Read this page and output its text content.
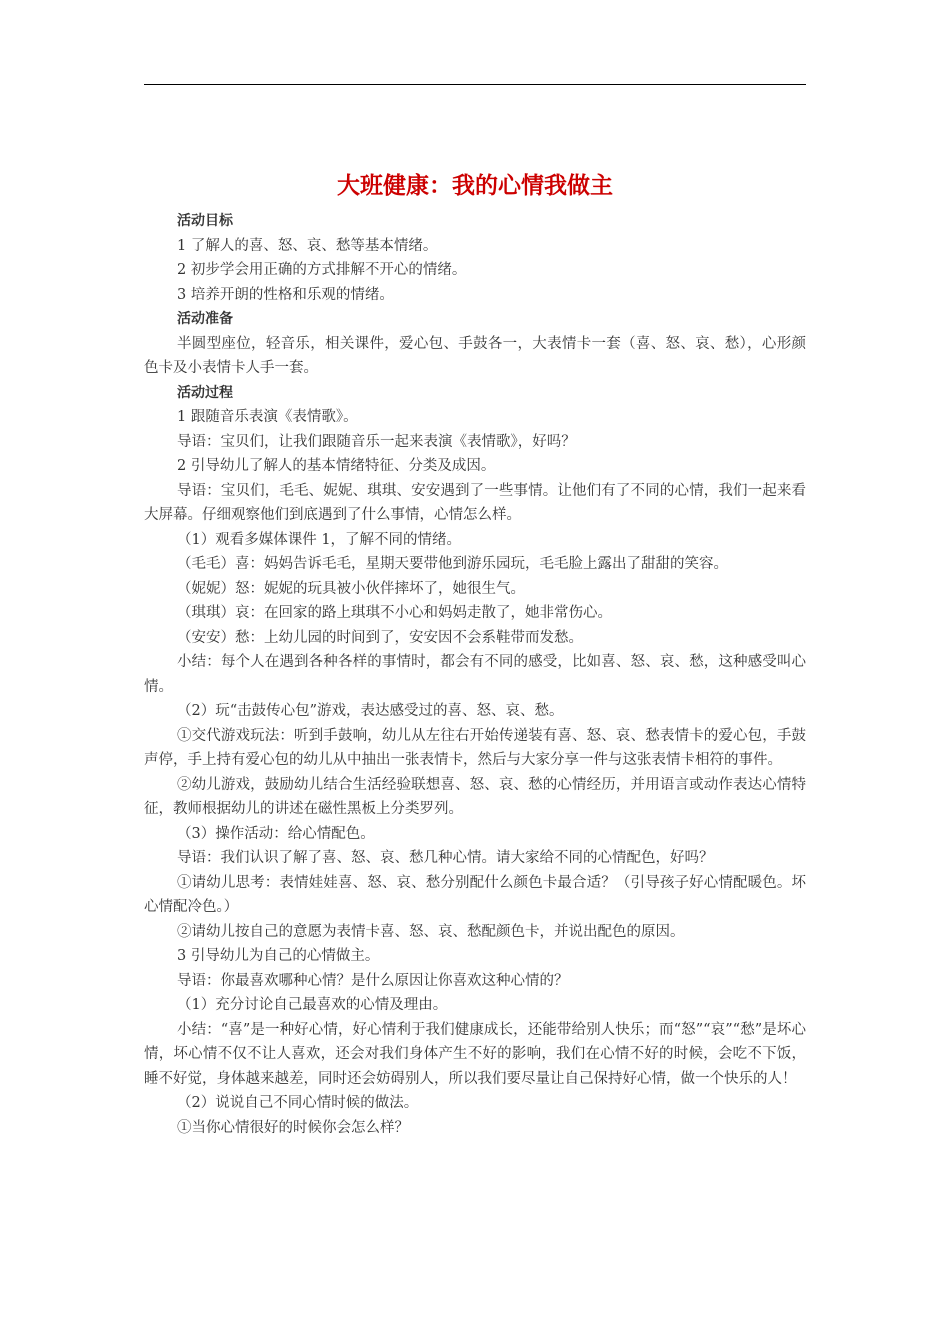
大班健康：我的心情我做主

活动目标

1 了解人的喜、怒、哀、愁等基本情绪。

2 初步学会用正确的方式排解不开心的情绪。

3 培养开朗的性格和乐观的情绪。

活动准备

半圆型座位，轻音乐，相关课件，爱心包、手鼓各一，大表情卡一套（喜、怒、哀、愁），心形颜色卡及小表情卡人手一套。

活动过程

1 跟随音乐表演《表情歌》。

导语：宝贝们，让我们跟随音乐一起来表演《表情歌》，好吗？

2 引导幼儿了解人的基本情绪特征、分类及成因。

导语：宝贝们，毛毛、妮妮、琪琪、安安遇到了一些事情。让他们有了不同的心情，我们一起来看大屏幕。仔细观察他们到底遇到了什么事情，心情怎么样。

（1）观看多媒体课件 1，了解不同的情绪。

（毛毛）喜：妈妈告诉毛毛，星期天要带他到游乐园玩，毛毛脸上露出了甜甜的笑容。

（妮妮）怒：妮妮的玩具被小伙伴摔坏了，她很生气。

（琪琪）哀：在回家的路上琪琪不小心和妈妈走散了，她非常伤心。

（安安）愁：上幼儿园的时间到了，安安因不会系鞋带而发愁。

小结：每个人在遇到各种各样的事情时，都会有不同的感受，比如喜、怒、哀、愁，这种感受叫心情。

（2）玩“击鼓传心包”游戏，表达感受过的喜、怒、哀、愁。

①交代游戏玩法：听到手鼓响，幼儿从左往右开始传递装有喜、怒、哀、愁表情卡的爱心包，手鼓声停，手上持有爱心包的幼儿从中抽出一张表情卡，然后与大家分享一件与这张表情卡相符的事件。

②幼儿游戏，鼓励幼儿结合生活经验联想喜、怒、哀、愁的心情经历，并用语言或动作表达心情特征，教师根据幼儿的讲述在磁性黑板上分类罗列。

（3）操作活动：给心情配色。

导语：我们认识了解了喜、怒、哀、愁几种心情。请大家给不同的心情配色，好吗？

①请幼儿思考：表情娃娃喜、怒、哀、愁分别配什么颜色卡最合适？（引导孩子好心情配暖色。坏心情配冷色。）

②请幼儿按自己的意愿为表情卡喜、怒、哀、愁配颜色卡，并说出配色的原因。

3 引导幼儿为自己的心情做主。

导语：你最喜欢哪种心情？是什么原因让你喜欢这种心情的？

（1）充分讨论自己最喜欢的心情及理由。

小结：“喜”是一种好心情，好心情利于我们健康成长，还能带给别人快乐；而“怒”“哀”“愁”是坏心情，坏心情不仅不让人喜欢，还会对我们身体产生不好的影响，我们在心情不好的时候，会吃不下饭，睡不好觉，身体越来越差，同时还会妨碍别人，所以我们要尽量让自己保持好心情，做一个快乐的人！

（2）说说自己不同心情时候的做法。

①当你心情很好的时候你会怎么样？
